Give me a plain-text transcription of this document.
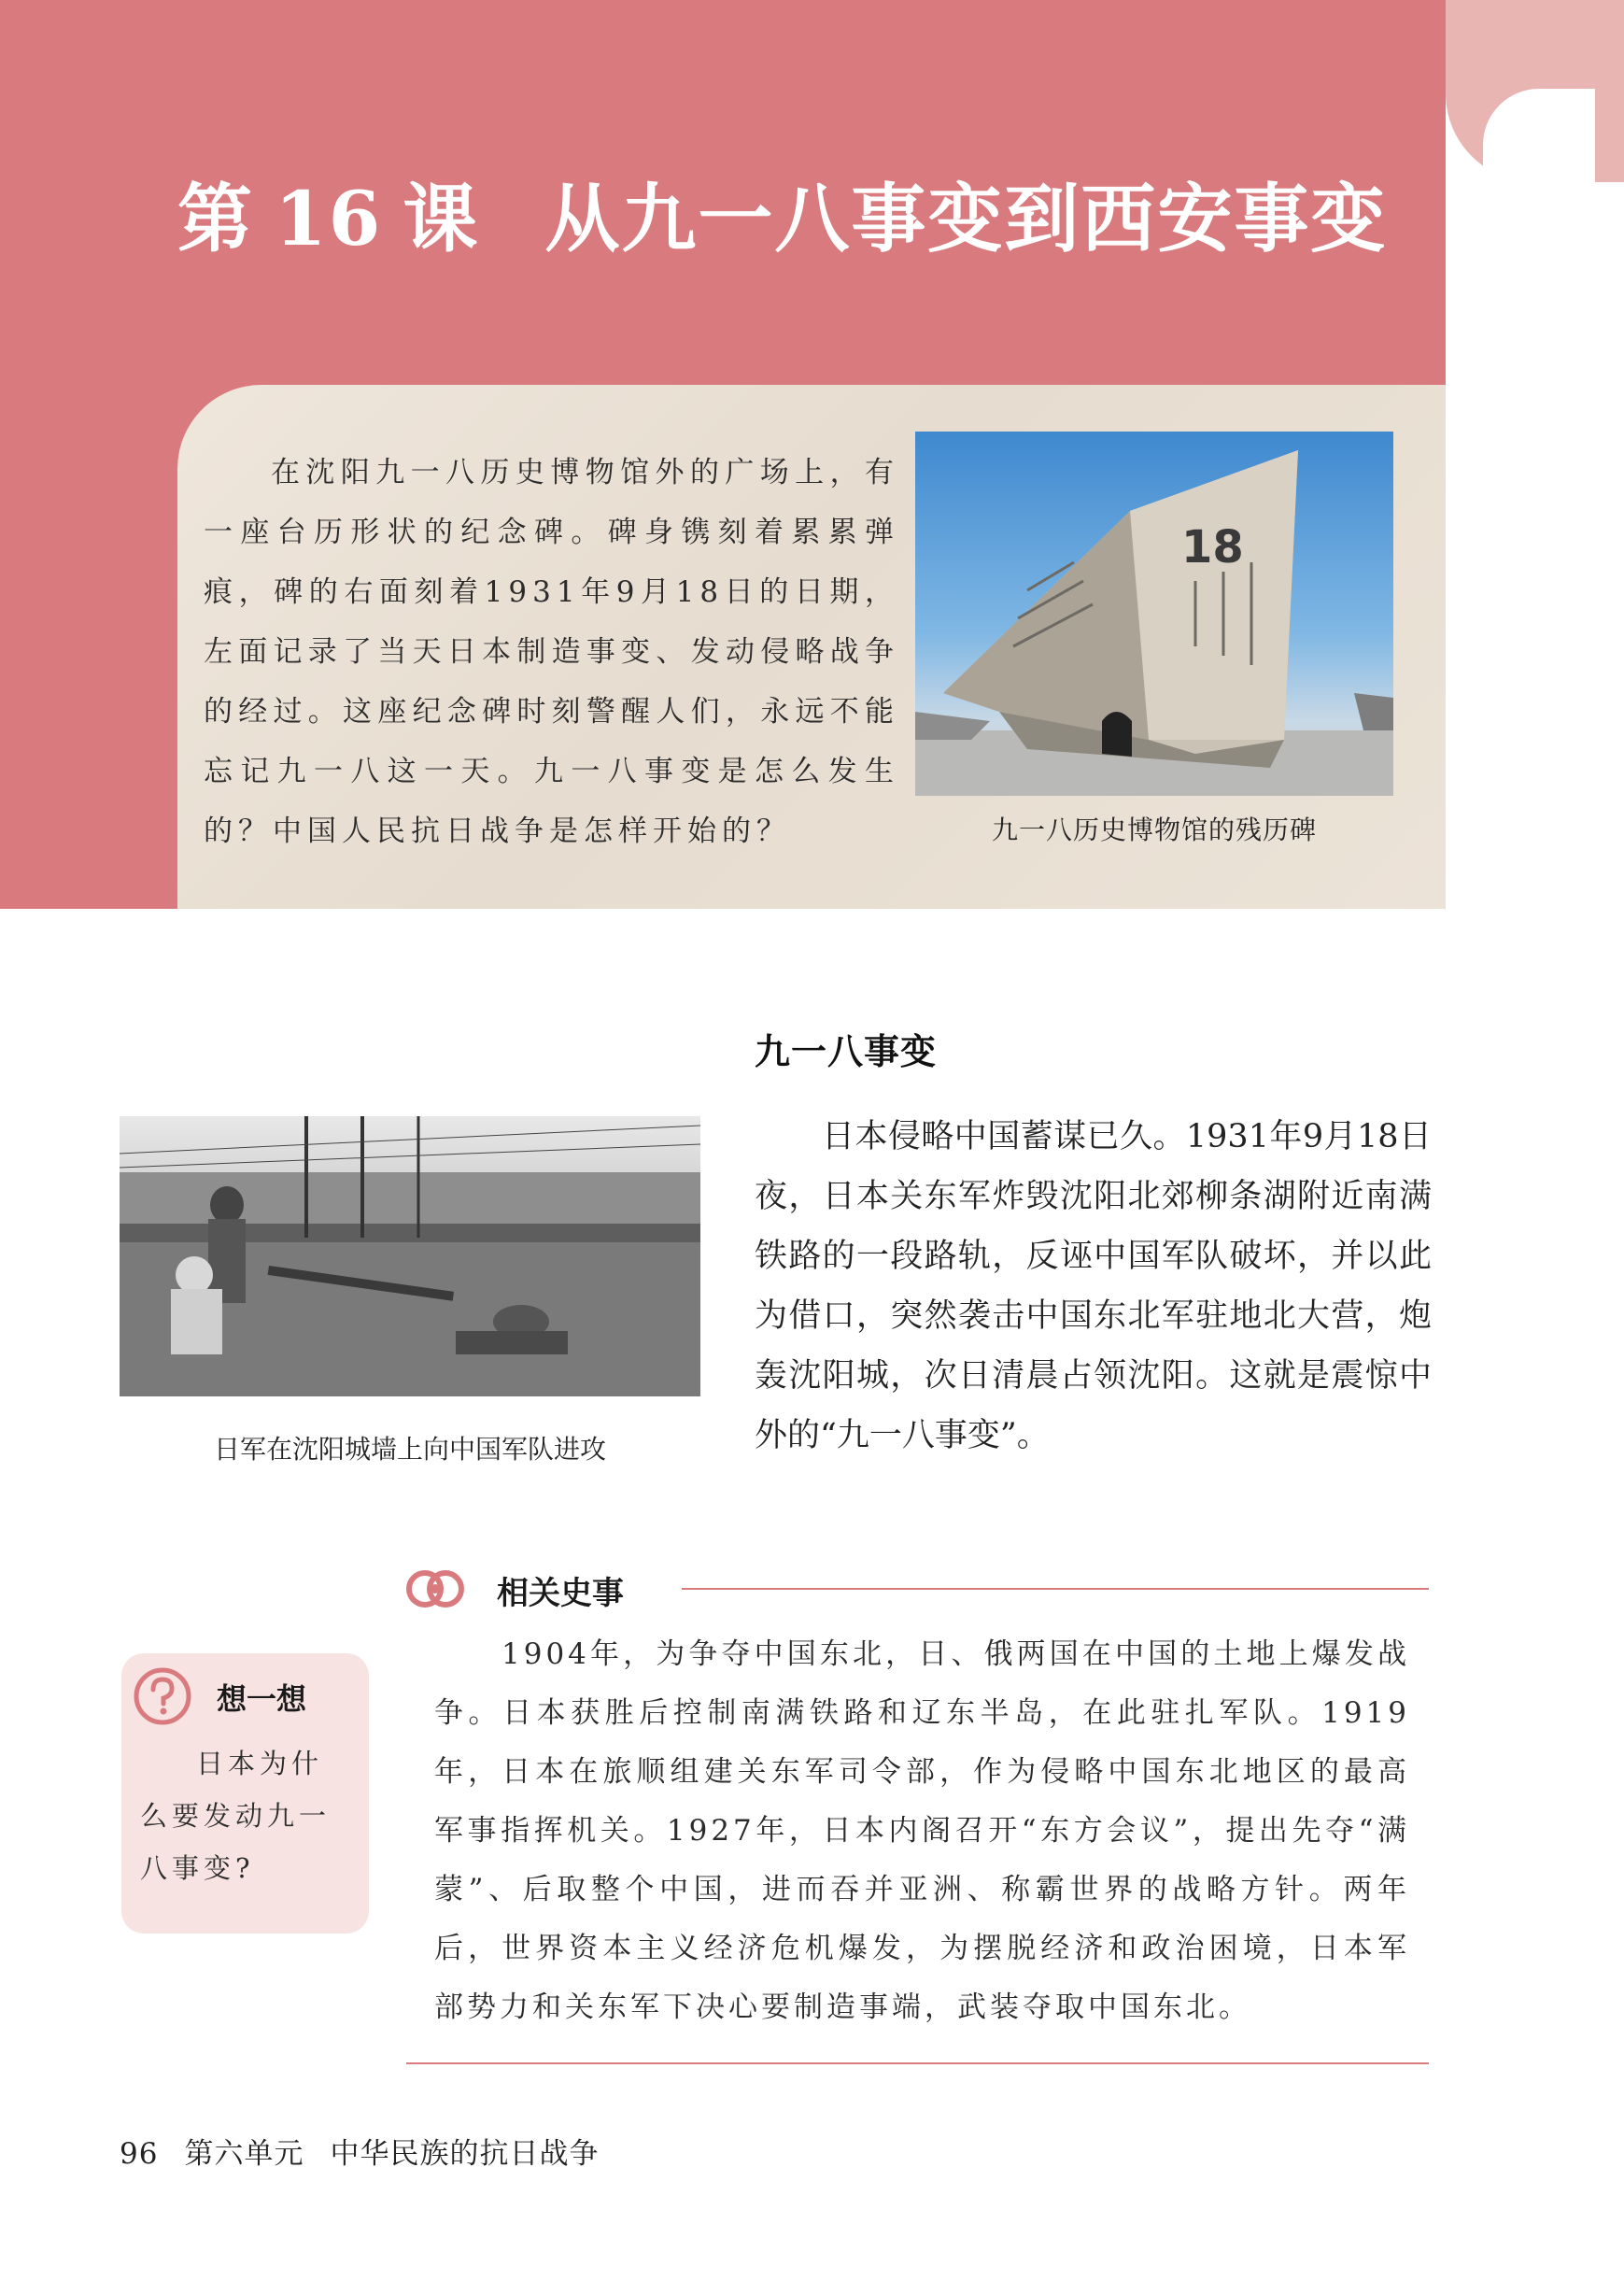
第 16 课 从九一八事变到西安事变

在沈阳九一八历史博物馆外的广场上，有一座台历形状的纪念碑。碑身镌刻着累累弹痕，碑的右面刻着1931年9月18日的日期，左面记录了当天日本制造事变、发动侵略战争的经过。这座纪念碑时刻警醒人们，永远不能忘记九一八这一天。九一八事变是怎么发生的？中国人民抗日战争是怎样开始的？

18

九一八历史博物馆的残历碑

九一八事变

日本侵略中国蓄谋已久。1931年9月18日夜，日本关东军炸毁沈阳北郊柳条湖附近南满铁路的一段路轨，反诬中国军队破坏，并以此为借口，突然袭击中国东北军驻地北大营，炮轰沈阳城，次日清晨占领沈阳。这就是震惊中外的“九一八事变”。

日军在沈阳城墙上向中国军队进攻

相关史事

1904年，为争夺中国东北，日、俄两国在中国的土地上爆发战争。日本获胜后控制南满铁路和辽东半岛，在此驻扎军队。1919年，日本在旅顺组建关东军司令部，作为侵略中国东北地区的最高军事指挥机关。1927年，日本内阁召开“东方会议”，提出先夺“满蒙”、后取整个中国，进而吞并亚洲、称霸世界的战略方针。两年后，世界资本主义经济危机爆发，为摆脱经济和政治困境，日本军部势力和关东军下决心要制造事端，武装夺取中国东北。

想一想

日本为什么要发动九一八事变?

96 第六单元 中华民族的抗日战争
